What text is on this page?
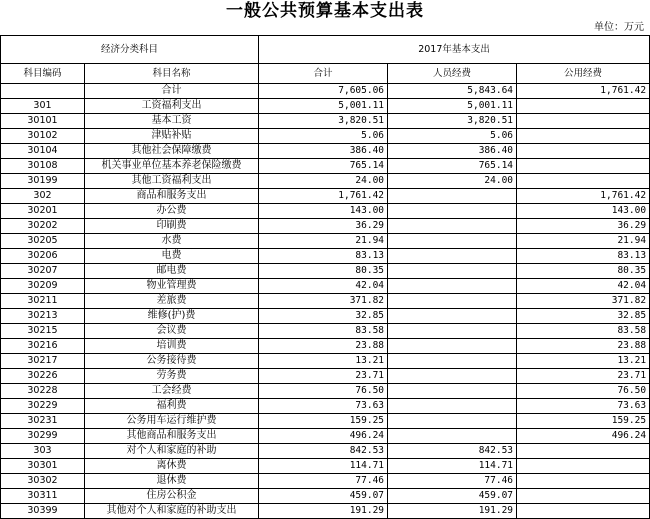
一般公共预算基本支出表
单位：万元
经济分类科目		2017年基本支出		
科目编码	科目名称	合计	人员经费	公用经费
	合计	7,605.06	5,843.64	1,761.42
301	工资福利支出	5,001.11	5,001.11	
30101	基本工资	3,820.51	3,820.51	
30102	津贴补贴	5.06	5.06	
30104	其他社会保障缴费	386.40	386.40	
30108	机关事业单位基本养老保险缴费	765.14	765.14	
30199	其他工资福利支出	24.00	24.00	
302	商品和服务支出	1,761.42		1,761.42
30201	办公费	143.00		143.00
30202	印刷费	36.29		36.29
30205	水费	21.94		21.94
30206	电费	83.13		83.13
30207	邮电费	80.35		80.35
30209	物业管理费	42.04		42.04
30211	差旅费	371.82		371.82
30213	维修(护)费	32.85		32.85
30215	会议费	83.58		83.58
30216	培训费	23.88		23.88
30217	公务接待费	13.21		13.21
30226	劳务费	23.71		23.71
30228	工会经费	76.50		76.50
30229	福利费	73.63		73.63
30231	公务用车运行维护费	159.25		159.25
30299	其他商品和服务支出	496.24		496.24
303	对个人和家庭的补助	842.53	842.53	
30301	离休费	114.71	114.71	
30302	退休费	77.46	77.46	
30311	住房公积金	459.07	459.07	
30399	其他对个人和家庭的补助支出	191.29	191.29	
